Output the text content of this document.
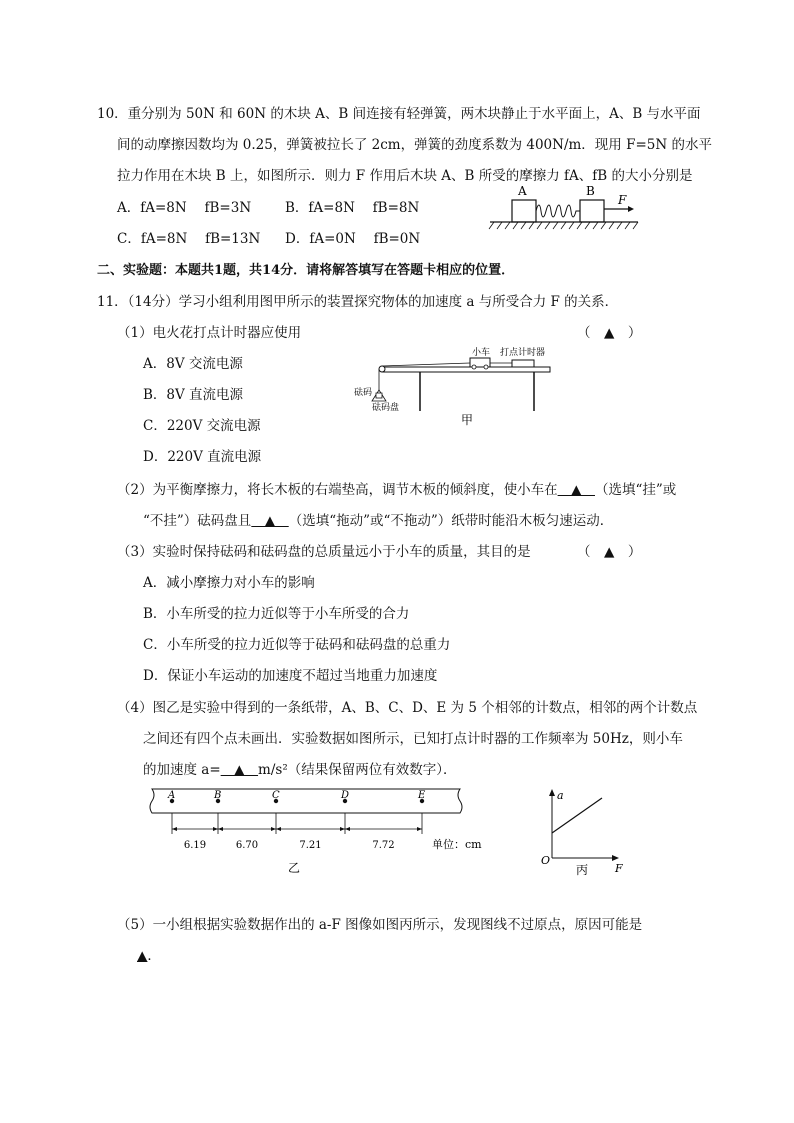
10．重分别为 50N 和 60N 的木块 A、B 间连接有轻弹簧，两木块静止于水平面上，A、B 与水平面
间的动摩擦因数均为 0.25，弹簧被拉长了 2cm，弹簧的劲度系数为 400N/m．现用 F=5N 的水平
拉力作用在木块 B 上，如图所示．则力 F 作用后木块 A、B 所受的摩擦力 fA、fB 的大小分别是
A．fA=8N　 fB=3N	B．fA=8N　 fB=8N
C．fA=8N　 fB=13N D．fA=0N　 fB=0N
A	B
F
二、实验题：本题共1题，共14分．请将解答填写在答题卡相应的位置．
11．（14分）学习小组利用图甲所示的装置探究物体的加速度 a 与所受合力 F 的关系．
（1）电火花打点计时器应使用	（　▲　）
A．8V 交流电源
B．8V 直流电源
C．220V 交流电源
D．220V 直流电源
小车 打点计时器
砝码
砝码盘
甲
（2）为平衡摩擦力，将长木板的右端垫高，调节木板的倾斜度，使小车在　▲　（选填“挂”或
“不挂”）砝码盘且　▲　（选填“拖动”或“不拖动”）纸带时能沿木板匀速运动．
（3）实验时保持砝码和砝码盘的总质量远小于小车的质量，其目的是	（　▲　）
A．减小摩擦力对小车的影响
B．小车所受的拉力近似等于小车所受的合力
C．小车所受的拉力近似等于砝码和砝码盘的总重力
D．保证小车运动的加速度不超过当地重力加速度
（4）图乙是实验中得到的一条纸带，A、B、C、D、E 为 5 个相邻的计数点，相邻的两个计数点
之间还有四个点未画出．实验数据如图所示，已知打点计时器的工作频率为 50Hz，则小车
的加速度 a=　▲　m/s²（结果保留两位有效数字）．
A	B	C	D	E
6.19	6.70	7.21	7.72	单位：cm
乙
a
F
O
丙
（5）一小组根据实验数据作出的 a-F 图像如图丙所示，发现图线不过原点，原因可能是
▲．
